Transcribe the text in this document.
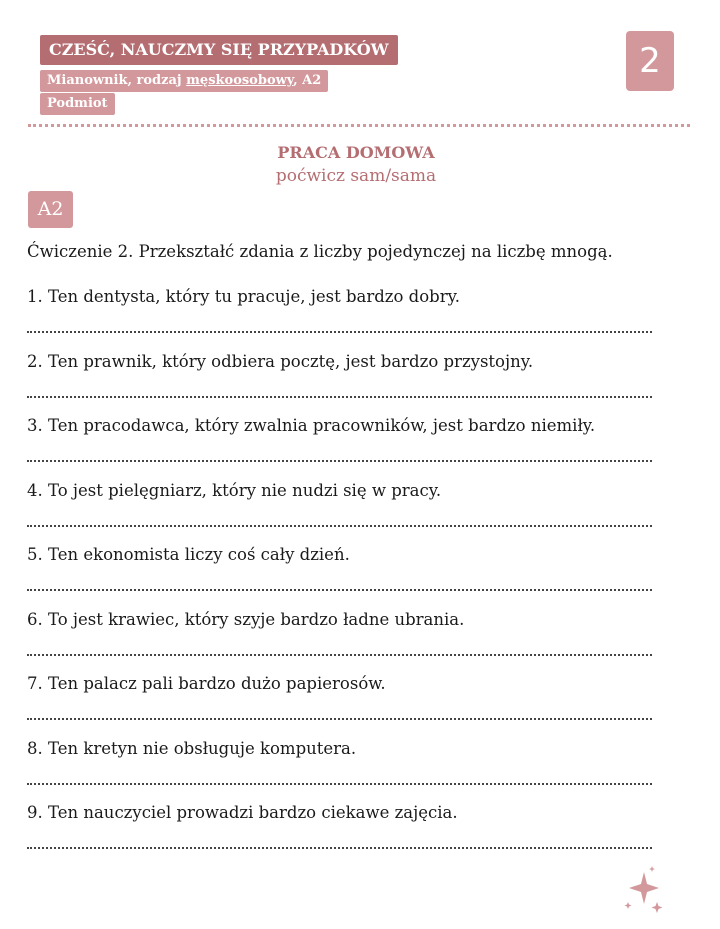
CZEŚĆ, NAUCZMY SIĘ PRZYPADKÓW
Mianownik, rodzaj męskoosobowy, A2
Podmiot
2
PRACA DOMOWA
poćwicz sam/sama
A2
Ćwiczenie 2. Przekształć zdania z liczby pojedynczej na liczbę mnogą.
1. Ten dentysta, który tu pracuje, jest bardzo dobry.
2. Ten prawnik, który odbiera pocztę, jest bardzo przystojny.
3. Ten pracodawca, który zwalnia pracowników, jest bardzo niemiły.
4. To jest pielęgniarz, który nie nudzi się w pracy.
5. Ten ekonomista liczy coś cały dzień.
6. To jest krawiec, który szyje bardzo ładne ubrania.
7. Ten palacz pali bardzo dużo papierosów.
8. Ten kretyn nie obsługuje komputera.
9. Ten nauczyciel prowadzi bardzo ciekawe zajęcia.
